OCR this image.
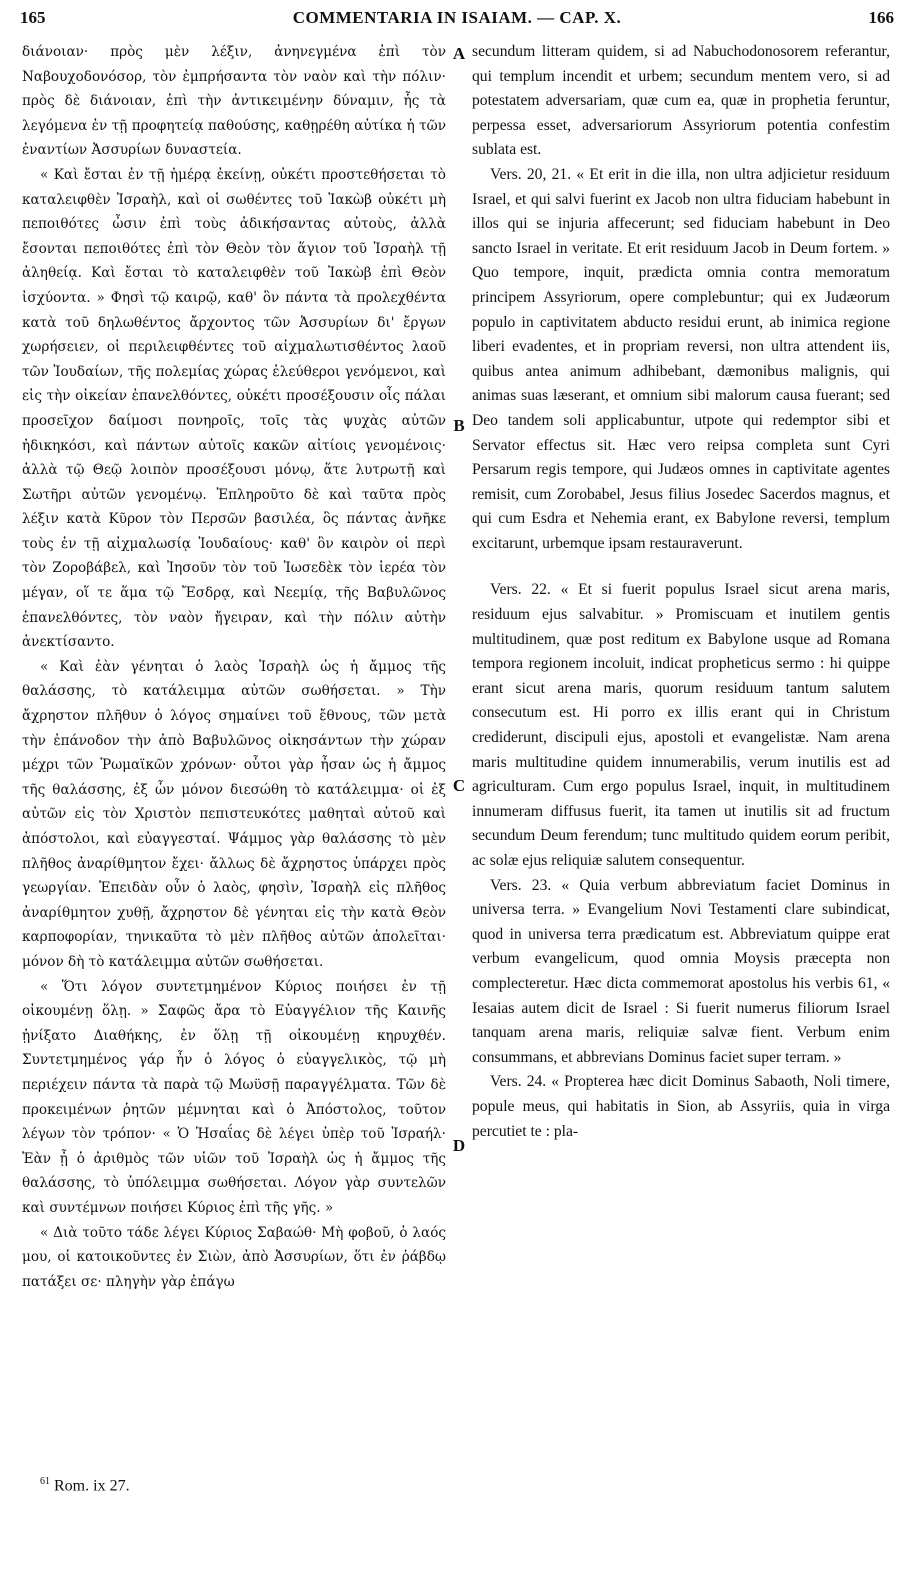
165	COMMENTARIA IN ISAIAM. — CAP. X.	166

διάνοιαν· πρὸς μὲν λέξιν, ἀνηνεγμένα ἐπὶ τὸν Ναβουχοδονόσορ, τὸν ἐμπρήσαντα τὸν ναὸν καὶ τὴν πόλιν· πρὸς δὲ διάνοιαν, ἐπὶ τὴν ἀντικειμένην δύναμιν, ἧς τὰ λεγόμενα ἐν τῇ προφητείᾳ παθούσης, καθῃρέθη αὐτίκα ἡ τῶν ἐναντίων Ἀσσυρίων δυναστεία.

« Καὶ ἔσται ἐν τῇ ἡμέρᾳ ἐκείνῃ, οὐκέτι προστεθήσεται τὸ καταλειφθὲν Ἰσραὴλ, καὶ οἱ σωθέντες τοῦ Ἰακὼβ οὐκέτι μὴ πεποιθότες ὦσιν ἐπὶ τοὺς ἀδικήσαντας αὐτοὺς, ἀλλὰ ἔσονται πεποιθότες ἐπὶ τὸν Θεὸν τὸν ἅγιον τοῦ Ἰσραὴλ τῇ ἀληθείᾳ. Καὶ ἔσται τὸ καταλειφθὲν τοῦ Ἰακὼβ ἐπὶ Θεὸν ἰσχύοντα. » Φησὶ τῷ καιρῷ, καθ' ὃν πάντα τὰ προλεχθέντα κατὰ τοῦ δηλωθέντος ἄρχοντος τῶν Ἀσσυρίων δι' ἔργων χωρήσειεν, οἱ περιλειφθέντες τοῦ αἰχμαλωτισθέντος λαοῦ τῶν Ἰουδαίων, τῆς πολεμίας χώρας ἐλεύθεροι γενόμενοι, καὶ εἰς τὴν οἰκείαν ἐπανελθόντες, οὐκέτι προσέξουσιν οἷς πάλαι προσεῖχον δαίμοσι πονηροῖς, τοῖς τὰς ψυχὰς αὐτῶν ἠδικηκόσι, καὶ πάντων αὐτοῖς κακῶν αἰτίοις γενομένοις· ἀλλὰ τῷ Θεῷ λοιπὸν προσέξουσι μόνῳ, ἅτε λυτρωτῇ καὶ Σωτῆρι αὐτῶν γενομένῳ. Ἐπληροῦτο δὲ καὶ ταῦτα πρὸς λέξιν κατὰ Κῦρον τὸν Περσῶν βασιλέα, ὃς πάντας ἀνῆκε τοὺς ἐν τῇ αἰχμαλωσίᾳ Ἰουδαίους· καθ' ὃν καιρὸν οἱ περὶ τὸν Ζοροβάβελ, καὶ Ἰησοῦν τὸν τοῦ Ἰωσεδὲκ τὸν ἱερέα τὸν μέγαν, οἵ τε ἅμα τῷ Ἔσδρᾳ, καὶ Νεεμίᾳ, τῆς Βαβυλῶνος ἐπανελθόντες, τὸν ναὸν ἤγειραν, καὶ τὴν πόλιν αὐτὴν ἀνεκτίσαντο.

« Καὶ ἐὰν γένηται ὁ λαὸς Ἰσραὴλ ὡς ἡ ἄμμος τῆς θαλάσσης, τὸ κατάλειμμα αὐτῶν σωθήσεται. » Τὴν ἄχρηστον πλῆθυν ὁ λόγος σημαίνει τοῦ ἔθνους, τῶν μετὰ τὴν ἐπάνοδον τὴν ἀπὸ Βαβυλῶνος οἰκησάντων τὴν χώραν μέχρι τῶν Ῥωμαϊκῶν χρόνων· οὗτοι γὰρ ἦσαν ὡς ἡ ἄμμος τῆς θαλάσσης, ἐξ ὧν μόνον διεσώθη τὸ κατάλειμμα· οἱ ἐξ αὐτῶν εἰς τὸν Χριστὸν πεπιστευκότες μαθηταὶ αὐτοῦ καὶ ἀπόστολοι, καὶ εὐαγγεσταί. Ψάμμος γὰρ θαλάσσης τὸ μὲν πλῆθος ἀναρίθμητον ἔχει· ἄλλως δὲ ἄχρηστος ὑπάρχει πρὸς γεωργίαν. Ἐπειδὰν οὖν ὁ λαὸς, φησὶν, Ἰσραὴλ εἰς πλῆθος ἀναρίθμητον χυθῇ, ἄχρηστον δὲ γένηται εἰς τὴν κατὰ Θεὸν καρποφορίαν, τηνικαῦτα τὸ μὲν πλῆθος αὐτῶν ἀπολεῖται· μόνον δὴ τὸ κατάλειμμα αὐτῶν σωθήσεται.

« Ὅτι λόγον συντετμημένον Κύριος ποιήσει ἐν τῇ οἰκουμένῃ ὅλῃ. » Σαφῶς ἄρα τὸ Εὐαγγέλιον τῆς Καινῆς ᾐνίξατο Διαθήκης, ἐν ὅλῃ τῇ οἰκουμένῃ κηρυχθέν. Συντετμημένος γάρ ἦν ὁ λόγος ὁ εὐαγγελικὸς, τῷ μὴ περιέχειν πάντα τὰ παρὰ τῷ Μωϋσῇ παραγγέλματα. Τῶν δὲ προκειμένων ῥητῶν μέμνηται καὶ ὁ Ἀπόστολος, τοῦτον λέγων τὸν τρόπον· « Ὁ Ἡσαΐας δὲ λέγει ὑπὲρ τοῦ Ἰσραήλ· Ἐὰν ᾖ ὁ ἀριθμὸς τῶν υἱῶν τοῦ Ἰσραὴλ ὡς ἡ ἄμμος τῆς θαλάσσης, τὸ ὑπόλειμμα σωθήσεται. Λόγον γὰρ συντελῶν καὶ συντέμνων ποιήσει Κύριος ἐπὶ τῆς γῆς. »

« Διὰ τοῦτο τάδε λέγει Κύριος Σαβαώθ· Μὴ φοβοῦ, ὁ λαός μου, οἱ κατοικοῦντες ἐν Σιὼν, ἀπὸ Ἀσσυρίων, ὅτι ἐν ῥάβδῳ πατάξει σε· πληγὴν γὰρ ἐπάγω

A
B
C
D

secundum litteram quidem, si ad Nabuchodonosorem referantur, qui templum incendit et urbem; secundum mentem vero, si ad potestatem adversariam, quæ cum ea, quæ in prophetia feruntur, perpessa esset, adversariorum Assyriorum potentia confestim sublata est.

Vers. 20, 21. « Et erit in die illa, non ultra adjicietur residuum Israel, et qui salvi fuerint ex Jacob non ultra fiduciam habebunt in illos qui se injuria affecerunt; sed fiduciam habebunt in Deo sancto Israel in veritate. Et erit residuum Jacob in Deum fortem. » Quo tempore, inquit, prædicta omnia contra memoratum principem Assyriorum, opere complebuntur; qui ex Judæorum populo in captivitatem abducto residui erunt, ab inimica regione liberi evadentes, et in propriam reversi, non ultra attendent iis, quibus antea animum adhibebant, dæmonibus malignis, qui animas suas læserant, et omnium sibi malorum causa fuerant; sed Deo tandem soli applicabuntur, utpote qui redemptor sibi et Servator effectus sit. Hæc vero reipsa completa sunt Cyri Persarum regis tempore, qui Judæos omnes in captivitate agentes remisit, cum Zorobabel, Jesus filius Josedec Sacerdos magnus, et qui cum Esdra et Nehemia erant, ex Babylone reversi, templum excitarunt, urbemque ipsam restauraverunt.

Vers. 22. « Et si fuerit populus Israel sicut arena maris, residuum ejus salvabitur. » Promiscuam et inutilem gentis multitudinem, quæ post reditum ex Babylone usque ad Romana tempora regionem incoluit, indicat propheticus sermo : hi quippe erant sicut arena maris, quorum residuum tantum salutem consecutum est. Hi porro ex illis erant qui in Christum crediderunt, discipuli ejus, apostoli et evangelistæ. Nam arena maris multitudine quidem innumerabilis, verum inutilis est ad agriculturam. Cum ergo populus Israel, inquit, in multitudinem innumeram diffusus fuerit, ita tamen ut inutilis sit ad fructum secundum Deum ferendum; tunc multitudo quidem eorum peribit, ac solæ ejus reliquiæ salutem consequentur.

Vers. 23. « Quia verbum abbreviatum faciet Dominus in universa terra. » Evangelium Novi Testamenti clare subindicat, quod in universa terra prædicatum est. Abbreviatum quippe erat verbum evangelicum, quod omnia Moysis præcepta non complecteretur. Hæc dicta commemorat apostolus his verbis 61, « Iesaias autem dicit de Israel : Si fuerit numerus filiorum Israel tanquam arena maris, reliquiæ salvæ fient. Verbum enim consummans, et abbrevians Dominus faciet super terram. »

Vers. 24. « Propterea hæc dicit Dominus Sabaoth, Noli timere, popule meus, qui habitatis in Sion, ab Assyriis, quia in virga percutiet te : pla-

$^{61}$ Rom. ix 27.
